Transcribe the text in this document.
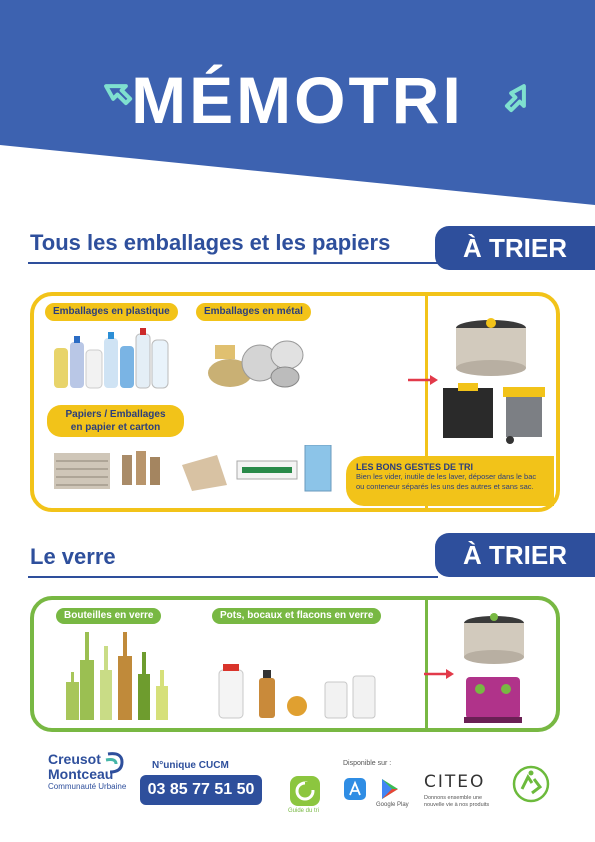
MÉMOTRI
Tous les emballages et les papiers	À TRIER
Emballages en plastique	Emballages en métal
Papiers / Emballages
en papier et carton
LES BONS GESTES DE TRI
Bien les vider, inutile de les laver, déposer dans le bac ou conteneur séparés les uns des autres et sans sac.
Le verre	À TRIER
Bouteilles en verre	Pots, bocaux et flacons en verre
Creusot
Montceau
Communauté Urbaine
N°unique CUCM
03 85 77 51 50
Guide du tri
Disponible sur :
Google Play
CITEO
Donnons ensemble une nouvelle vie à nos produits
